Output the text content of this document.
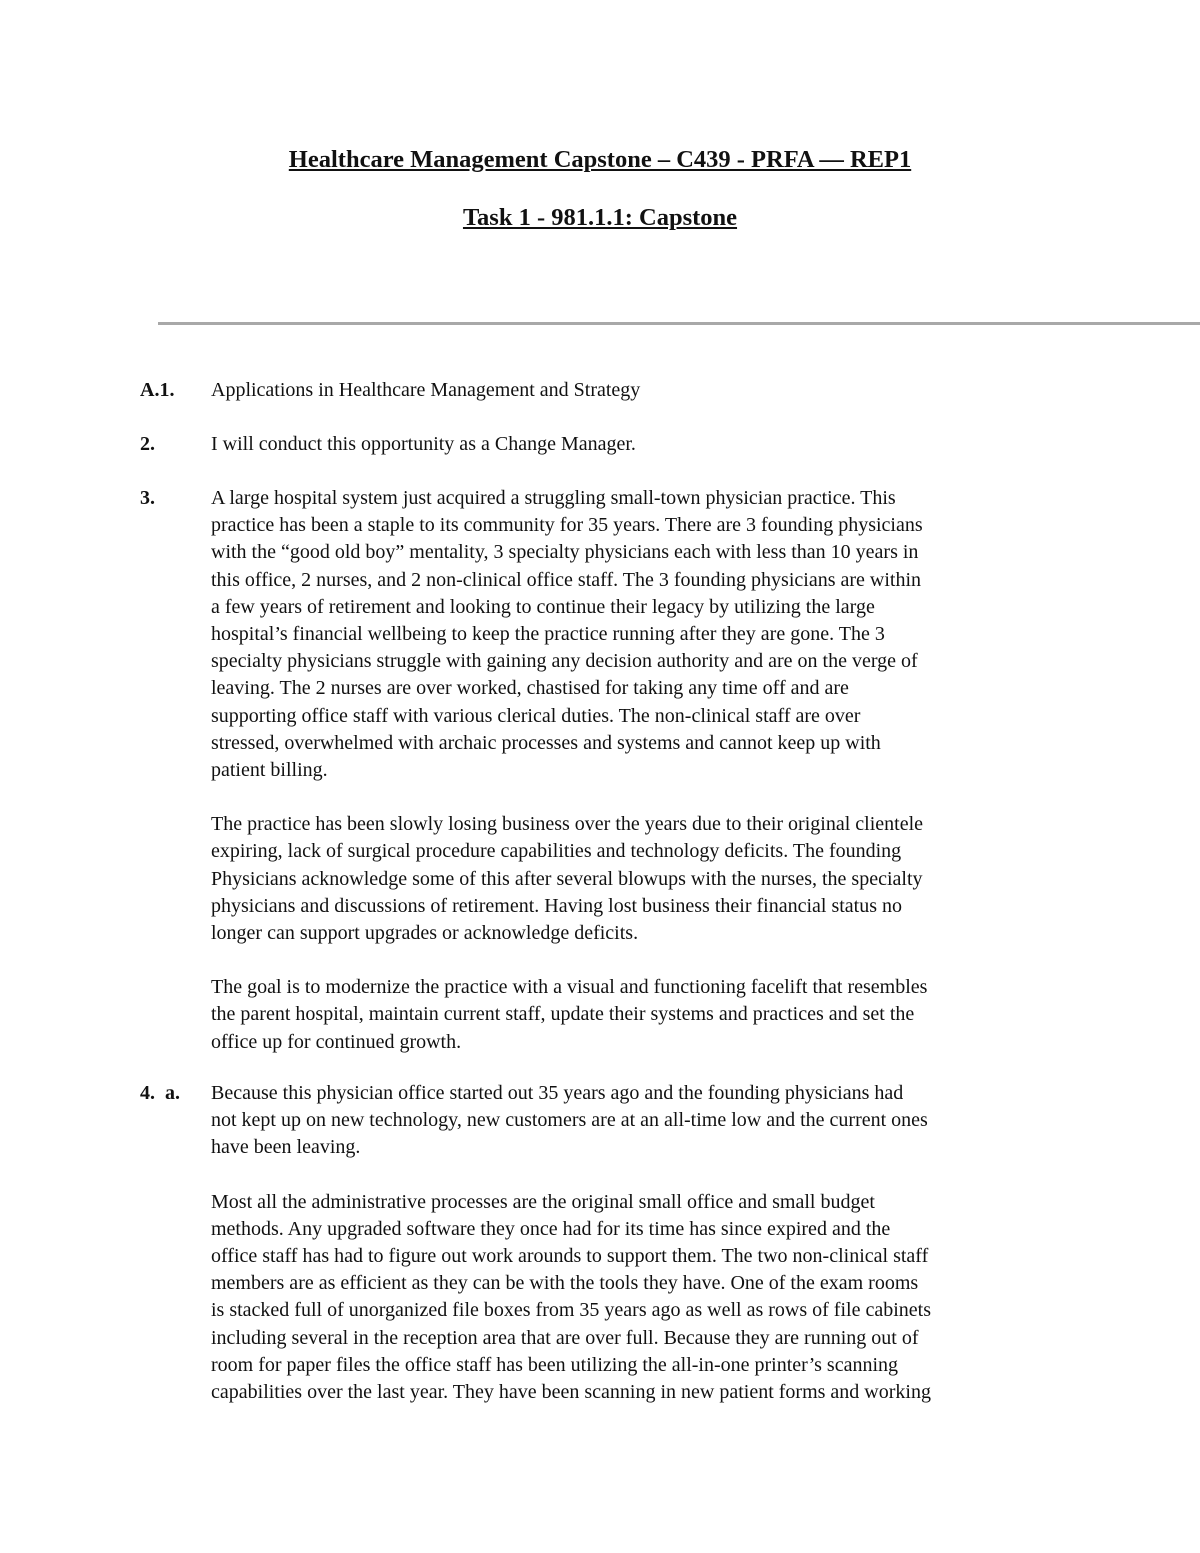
Healthcare Management Capstone – C439 - PRFA — REP1
Task 1 - 981.1.1: Capstone
A.1. Applications in Healthcare Management and Strategy

2.	I will conduct this opportunity as a Change Manager.

3.	A large hospital system just acquired a struggling small-town physician practice. This
practice has been a staple to its community for 35 years. There are 3 founding physicians
with the “good old boy” mentality, 3 specialty physicians each with less than 10 years in
this office, 2 nurses, and 2 non-clinical office staff. The 3 founding physicians are within
a few years of retirement and looking to continue their legacy by utilizing the large
hospital’s financial wellbeing to keep the practice running after they are gone. The 3
specialty physicians struggle with gaining any decision authority and are on the verge of
leaving. The 2 nurses are over worked, chastised for taking any time off and are
supporting office staff with various clerical duties. The non-clinical staff are over
stressed, overwhelmed with archaic processes and systems and cannot keep up with
patient billing.

The practice has been slowly losing business over the years due to their original clientele
expiring, lack of surgical procedure capabilities and technology deficits. The founding
Physicians acknowledge some of this after several blowups with the nurses, the specialty
physicians and discussions of retirement. Having lost business their financial status no
longer can support upgrades or acknowledge deficits.

The goal is to modernize the practice with a visual and functioning facelift that resembles
the parent hospital, maintain current staff, update their systems and practices and set the
office up for continued growth.

4.  a. Because this physician office started out 35 years ago and the founding physicians had
not kept up on new technology, new customers are at an all-time low and the current ones
have been leaving.

Most all the administrative processes are the original small office and small budget
methods. Any upgraded software they once had for its time has since expired and the
office staff has had to figure out work arounds to support them. The two non-clinical staff
members are as efficient as they can be with the tools they have. One of the exam rooms
is stacked full of unorganized file boxes from 35 years ago as well as rows of file cabinets
including several in the reception area that are over full. Because they are running out of
room for paper files the office staff has been utilizing the all-in-one printer’s scanning
capabilities over the last year. They have been scanning in new patient forms and working
